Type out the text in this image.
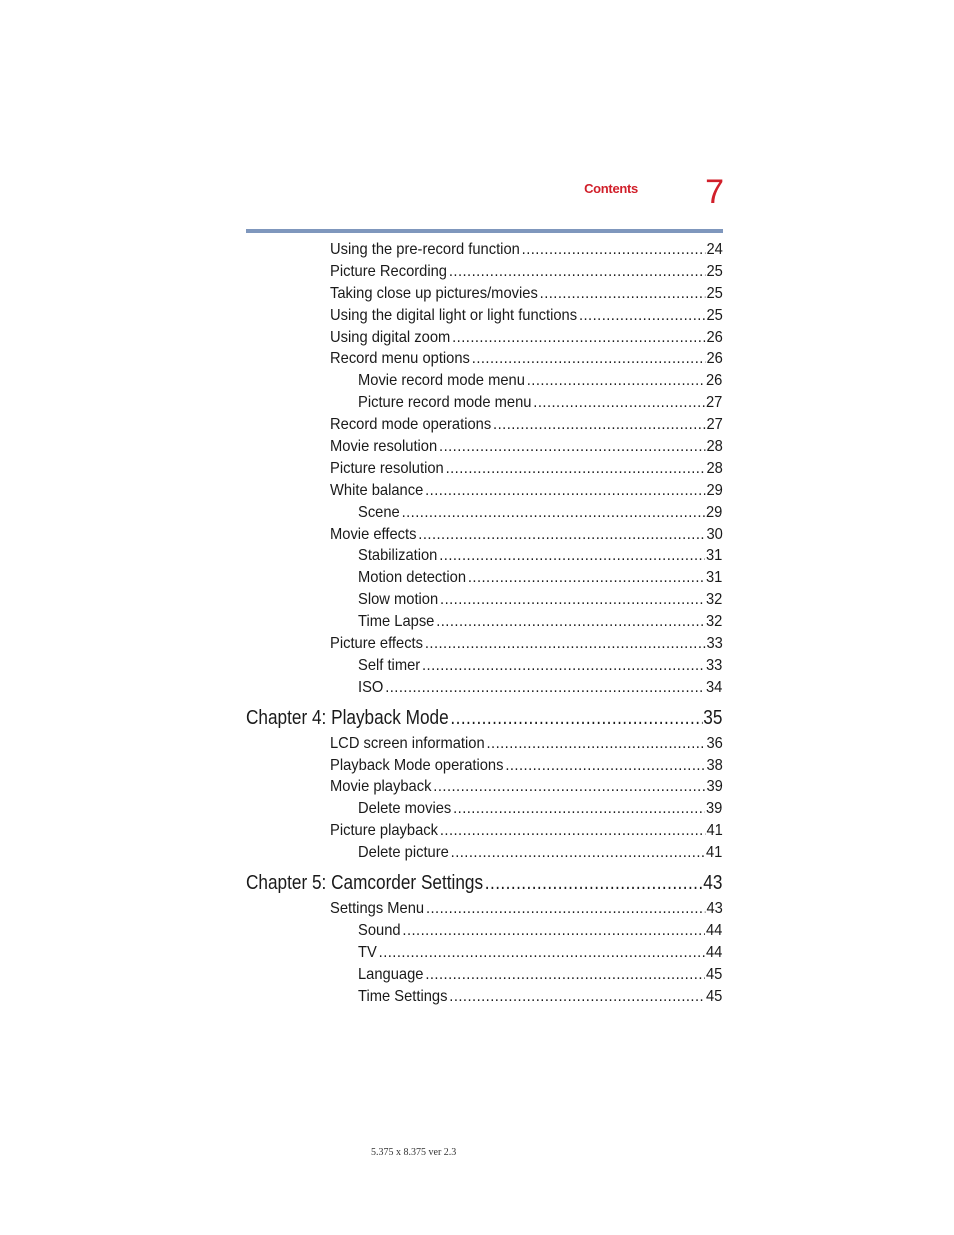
Contents 7
Using the pre-record function .....	24
Picture Recording .....	25
Taking close up pictures/movies .....	25
Using the digital light or light functions .....	25
Using digital zoom .....	26
Record menu options .....	26
Movie record mode menu .....	26
Picture record mode menu .....	27
Record mode operations .....	27
Movie resolution .....	28
Picture resolution .....	28
White balance .....	29
Scene .....	29
Movie effects .....	30
Stabilization .....	31
Motion detection .....	31
Slow motion .....	32
Time Lapse .....	32
Picture effects .....	33
Self timer .....	33
ISO .....	34
Chapter 4: Playback Mode .....	35
LCD screen information .....	36
Playback Mode operations .....	38
Movie playback .....	39
Delete movies .....	39
Picture playback .....	41
Delete picture .....	41
Chapter 5: Camcorder Settings .....	43
Settings Menu .....	43
Sound .....	44
TV .....	44
Language .....	45
Time Settings .....	45
5.375 x 8.375 ver 2.3
